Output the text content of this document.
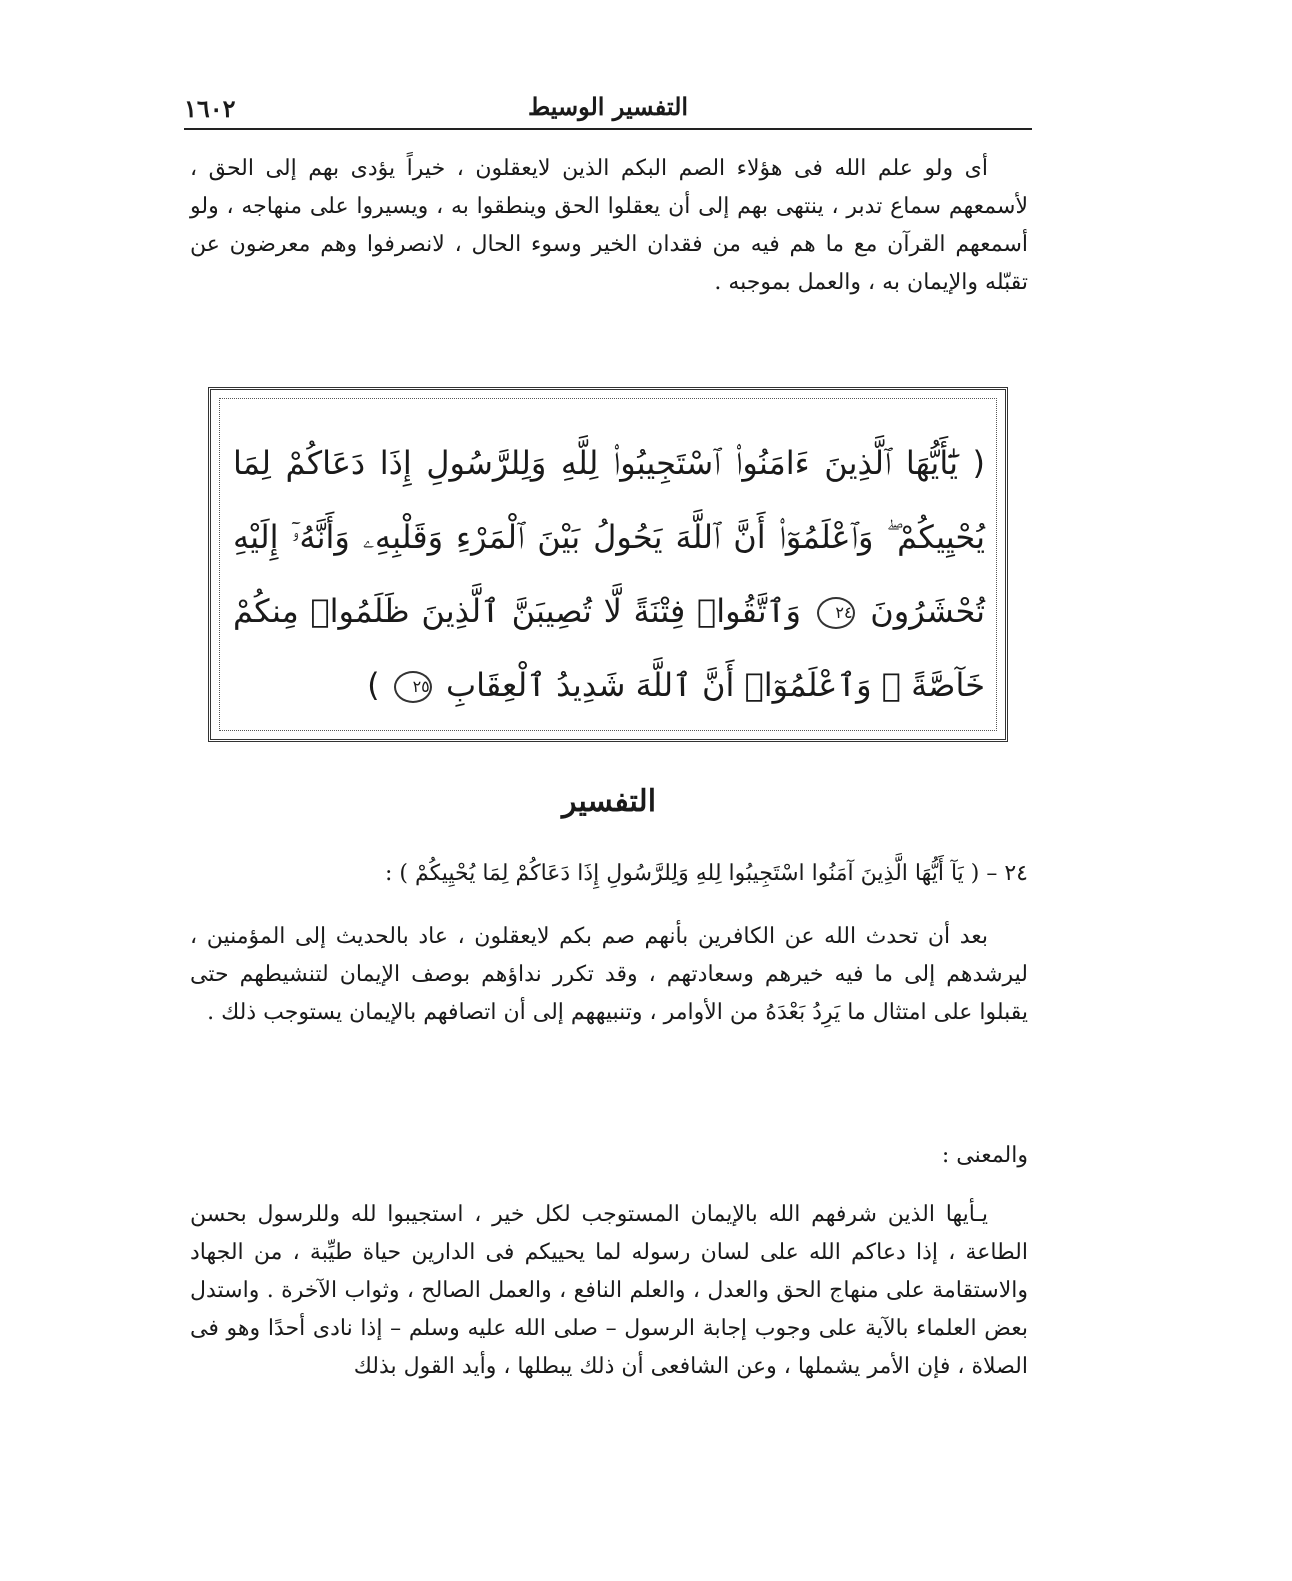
١٦٠٢	التفسير الوسيط

أى ولو علم الله فى هؤلاء الصم البكم الذين لايعقلون ، خيراً يؤدى بهم إلى الحق ، لأسمعهم سماع تدبر ، ينتهى بهم إلى أن يعقلوا الحق وينطقوا به ، ويسيروا على منهاجه ، ولو أسمعهم القرآن مع ما هم فيه من فقدان الخير وسوء الحال ، لانصرفوا وهم معرضون عن تقبّله والإيمان به ، والعمل بموجبه .

( يَٰٓأَيُّهَا ٱلَّذِينَ ءَامَنُوا۟ ٱسْتَجِيبُوا۟ لِلَّهِ وَلِلرَّسُولِ إِذَا دَعَاكُمْ لِمَا يُحْيِيكُمْ ۖ وَٱعْلَمُوٓا۟ أَنَّ ٱللَّهَ يَحُولُ بَيْنَ ٱلْمَرْءِ وَقَلْبِهِۦ وَأَنَّهُۥٓ إِلَيْهِ تُحْشَرُونَ ٢٤ وَٱتَّقُوا۟ فِتْنَةً لَّا تُصِيبَنَّ ٱلَّذِينَ ظَلَمُوا۟ مِنكُمْ خَآصَّةً ۖ وَٱعْلَمُوٓا۟ أَنَّ ٱللَّهَ شَدِيدُ ٱلْعِقَابِ ٢٥ )
التفسير
٢٤ – ( يَآ أَيُّهَا الَّذِينَ آمَنُوا اسْتَجِيبُوا لِلهِ وَلِلرَّسُولِ إِذَا دَعَاكُمْ لِمَا يُحْيِيكُمْ ) :

بعد أن تحدث الله عن الكافرين بأنهم صم بكم لايعقلون ، عاد بالحديث إلى المؤمنين ، ليرشدهم إلى ما فيه خيرهم وسعادتهم ، وقد تكرر نداؤهم بوصف الإيمان لتنشيطهم حتى يقبلوا على امتثال ما يَرِدُ بَعْدَهُ من الأوامر ، وتنبيههم إلى أن اتصافهم بالإيمان يستوجب ذلك .

والمعنى :

يـأيها الذين شرفهم الله بالإيمان المستوجب لكل خير ، استجيبوا لله وللرسول بحسن الطاعة ، إذا دعاكم الله على لسان رسوله لما يحييكم فى الدارين حياة طيِّبة ، من الجهاد والاستقامة على منهاج الحق والعدل ، والعلم النافع ، والعمل الصالح ، وثواب الآخرة . واستدل بعض العلماء بالآية على وجوب إجابة الرسول – صلى الله عليه وسلم – إذا نادى أحدًا وهو فى الصلاة ، فإن الأمر يشملها ، وعن الشافعى أن ذلك يبطلها ، وأيد القول بذلك
